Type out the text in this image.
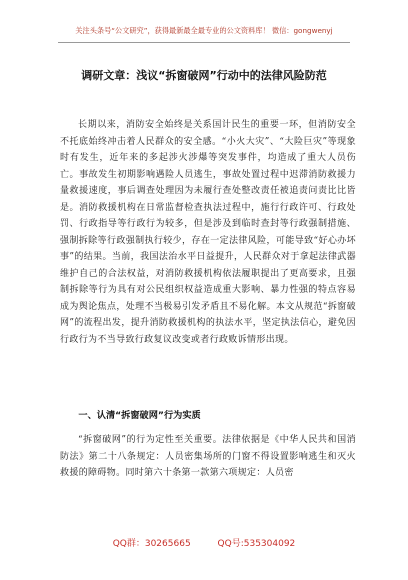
关注头条号“公文研究”，获得最新最全最专业的公文资料库！ 微信：gongwenyj
调研文章：浅议“拆窗破网”行动中的法律风险防范

长期以来，消防安全始终是关系国计民生的重要一环，但消防安全不托底始终冲击着人民群众的安全感。“小火大灾”、“大险巨灾”等现象时有发生，近年来的多起涉火涉爆等突发事件，均造成了重大人员伤亡。事故发生初期影响遇险人员逃生，事故处置过程中迟滞消防救援力量救援速度，事后调查处理因为未履行查处整改责任被追责问责比比皆是。消防救援机构在日常监督检查执法过程中，施行行政许可、行政处罚、行政指导等行政行为较多，但是涉及到临时查封等行政强制措施、强制拆除等行政强制执行较少，存在一定法律风险，可能导致“好心办坏事”的结果。当前，我国法治水平日益提升，人民群众对于拿起法律武器维护自己的合法权益，对消防救援机构依法履职提出了更高要求，且强制拆除等行为具有对公民组织权益造成重大影响、暴力性强的特点容易成为舆论焦点，处理不当极易引发矛盾且不易化解。本文从规范“拆窗破网”的流程出发，提升消防救援机构的执法水平，坚定执法信心，避免因行政行为不当导致行政复议改变或者行政败诉情形出现。

一、认清“拆窗破网”行为实质

“拆窗破网”的行为定性至关重要。法律依据是《中华人民共和国消防法》第二十八条规定：人员密集场所的门窗不得设置影响逃生和灭火救援的障碍物。同时第六十条第一款第六项规定：人员密

QQ群：30265665	QQ号:535304092
